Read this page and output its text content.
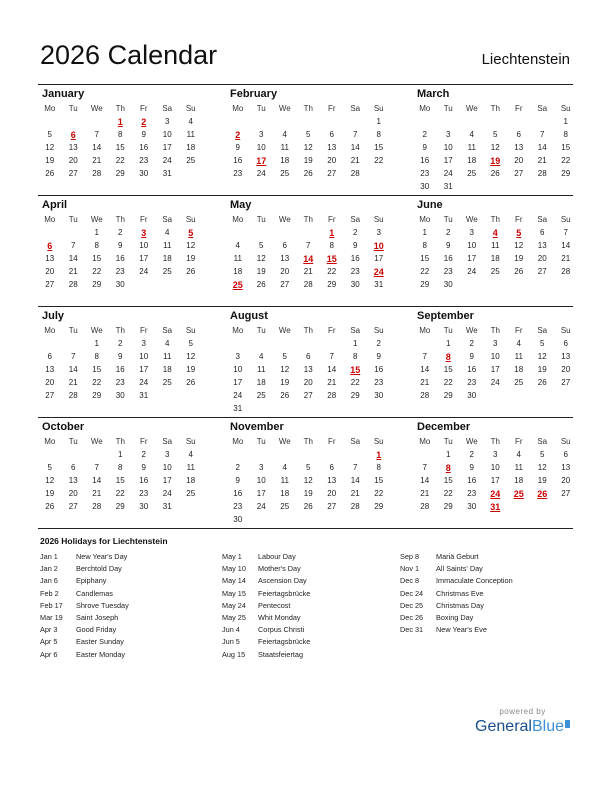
2026 Calendar	Liechtenstein
January
Mo	Tu	We	Th	Fr	Sa	Su
			1	2	3	4
5	6	7	8	9	10	11
12	13	14	15	16	17	18
19	20	21	22	23	24	25
26	27	28	29	30	31	
February
Mo	Tu	We	Th	Fr	Sa	Su
						1
2	3	4	5	6	7	8
9	10	11	12	13	14	15
16	17	18	19	20	21	22
23	24	25	26	27	28	
March
Mo	Tu	We	Th	Fr	Sa	Su
						1
2	3	4	5	6	7	8
9	10	11	12	13	14	15
16	17	18	19	20	21	22
23	24	25	26	27	28	29
30	31					
April
Mo	Tu	We	Th	Fr	Sa	Su
		1	2	3	4	5
6	7	8	9	10	11	12
13	14	15	16	17	18	19
20	21	22	23	24	25	26
27	28	29	30			
May
Mo	Tu	We	Th	Fr	Sa	Su
				1	2	3
4	5	6	7	8	9	10
11	12	13	14	15	16	17
18	19	20	21	22	23	24
25	26	27	28	29	30	31
June
Mo	Tu	We	Th	Fr	Sa	Su
1	2	3	4	5	6	7
8	9	10	11	12	13	14
15	16	17	18	19	20	21
22	23	24	25	26	27	28
29	30					
July
Mo	Tu	We	Th	Fr	Sa	Su
		1	2	3	4	5
6	7	8	9	10	11	12
13	14	15	16	17	18	19
20	21	22	23	24	25	26
27	28	29	30	31		
August
Mo	Tu	We	Th	Fr	Sa	Su
					1	2
3	4	5	6	7	8	9
10	11	12	13	14	15	16
17	18	19	20	21	22	23
24	25	26	27	28	29	30
31						
September
Mo	Tu	We	Th	Fr	Sa	Su
	1	2	3	4	5	6
7	8	9	10	11	12	13
14	15	16	17	18	19	20
21	22	23	24	25	26	27
28	29	30				
October
Mo	Tu	We	Th	Fr	Sa	Su
			1	2	3	4
5	6	7	8	9	10	11
12	13	14	15	16	17	18
19	20	21	22	23	24	25
26	27	28	29	30	31	
November
Mo	Tu	We	Th	Fr	Sa	Su
						1
2	3	4	5	6	7	8
9	10	11	12	13	14	15
16	17	18	19	20	21	22
23	24	25	26	27	28	29
30						
December
Mo	Tu	We	Th	Fr	Sa	Su
	1	2	3	4	5	6
7	8	9	10	11	12	13
14	15	16	17	18	19	20
21	22	23	24	25	26	27
28	29	30	31			
2026 Holidays for Liechtenstein
Jan 1 New Year's Day
Jan 2 Berchtold Day
Jan 6 Epiphany
Feb 2 Candlemas
Feb 17 Shrove Tuesday
Mar 19 Saint Joseph
Apr 3	Good Friday
Apr 5	Easter Sunday
Apr 6	Easter Monday
May 1 Labour Day
May 10 Mother's Day
May 14 Ascension Day
May 15 Feiertagsbrücke
May 24 Pentecost
May 25 Whit Monday
Jun 4 Corpus Christi
Jun 5 Feiertagsbrücke
Aug 15 Staatsfeiertag
Sep 8 Mariä Geburt
Nov 1 All Saints' Day
Dec 8 Immaculate Conception
Dec 24 Christmas Eve
Dec 25 Christmas Day
Dec 26 Boxing Day
Dec 31 New Year's Eve
powered by
GeneralBlue
